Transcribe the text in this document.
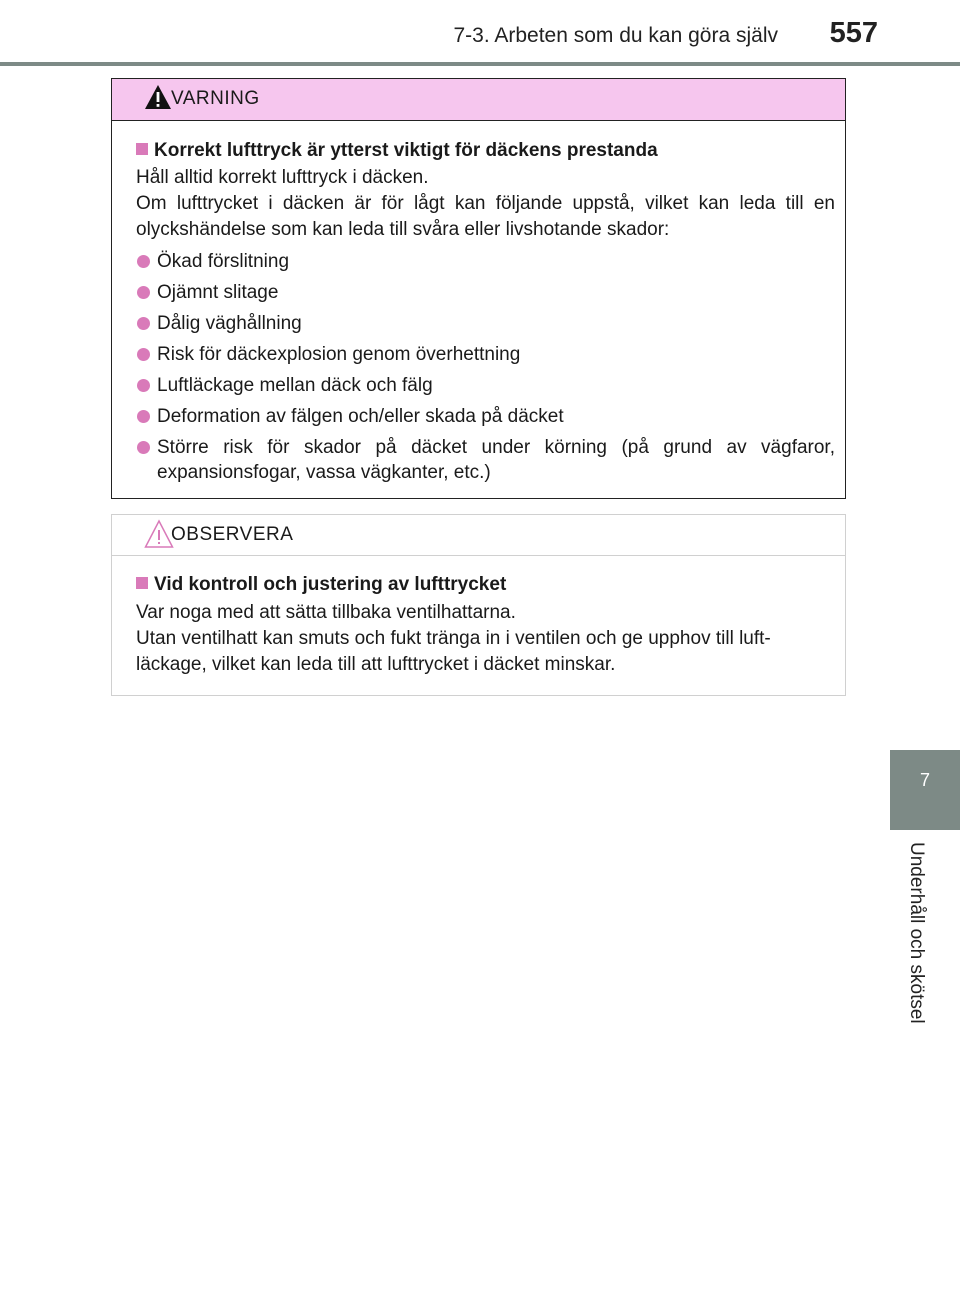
7-3. Arbeten som du kan göra själv 557
7
Underhåll och skötsel
VARNING
Korrekt lufttryck är ytterst viktigt för däckens prestanda
Håll alltid korrekt lufttryck i däcken.
Om lufttrycket i däcken är för lågt kan följande uppstå, vilket kan leda till en olyckshändelse som kan leda till svåra eller livshotande skador:
Ökad förslitning
Ojämnt slitage
Dålig väghållning
Risk för däckexplosion genom överhettning
Luftläckage mellan däck och fälg
Deformation av fälgen och/eller skada på däcket
Större risk för skador på däcket under körning (på grund av vägfaror, expansionsfogar, vassa vägkanter, etc.)
OBSERVERA
Vid kontroll och justering av lufttrycket
Var noga med att sätta tillbaka ventilhattarna.
Utan ventilhatt kan smuts och fukt tränga in i ventilen och ge upphov till luft-läckage, vilket kan leda till att lufttrycket i däcket minskar.
